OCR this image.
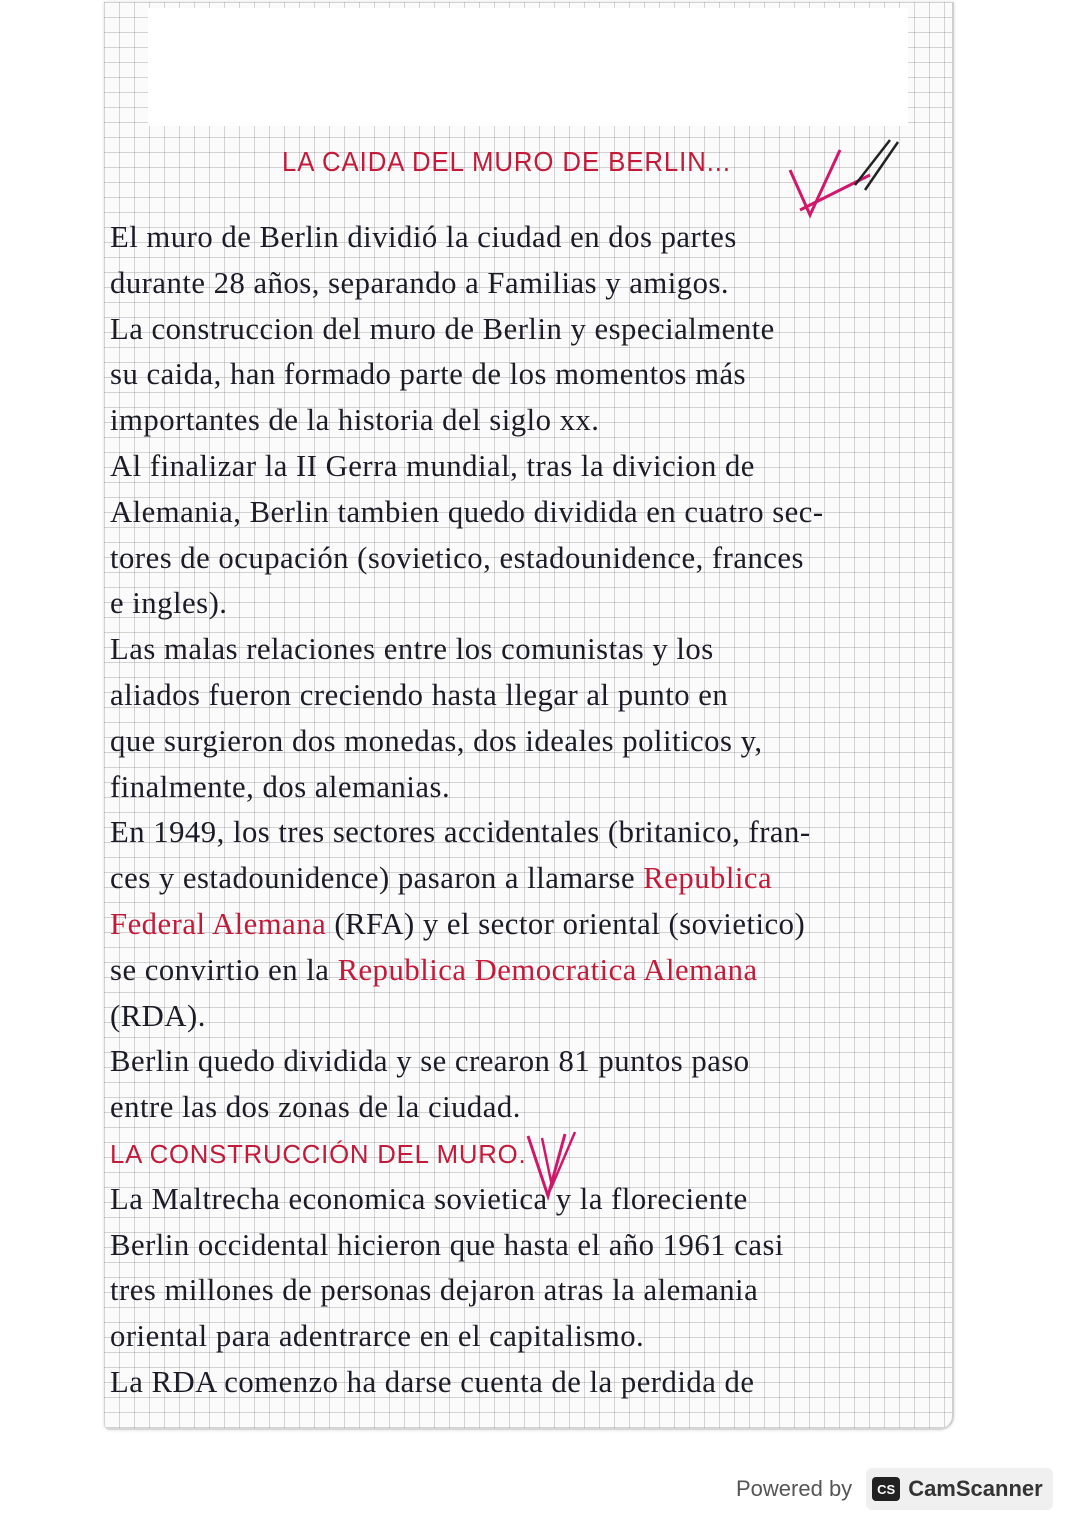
LA CAIDA DEL MURO DE BERLIN...
El muro de Berlin dividió la ciudad en dos partes
durante 28 años, separando a Familias y amigos.
La construccion del muro de Berlin y especialmente
su caida, han formado parte de los momentos más
importantes de la historia del siglo xx.
Al finalizar la II Gerra mundial, tras la divicion de
Alemania, Berlin tambien quedo dividida en cuatro sec-
tores de ocupación (sovietico, estadounidence, frances
e ingles).
Las malas relaciones entre los comunistas y los
aliados fueron creciendo hasta llegar al punto en
que surgieron dos monedas, dos ideales politicos y,
finalmente, dos alemanias.
En 1949, los tres sectores accidentales (britanico, fran-
ces y estadounidence) pasaron a llamarse Republica
Federal Alemana (RFA) y el sector oriental (sovietico)
se convirtio en la Republica Democratica Alemana
(RDA).
Berlin quedo dividida y se crearon 81 puntos paso
entre las dos zonas de la ciudad.
LA CONSTRUCCIÓN DEL MURO.
La Maltrecha economica sovietica y la floreciente
Berlin occidental hicieron que hasta el año 1961 casi
tres millones de personas dejaron atras la alemania
oriental para adentrarce en el capitalismo.
La RDA comenzo ha darse cuenta de la perdida de
Powered by	CS CamScanner
